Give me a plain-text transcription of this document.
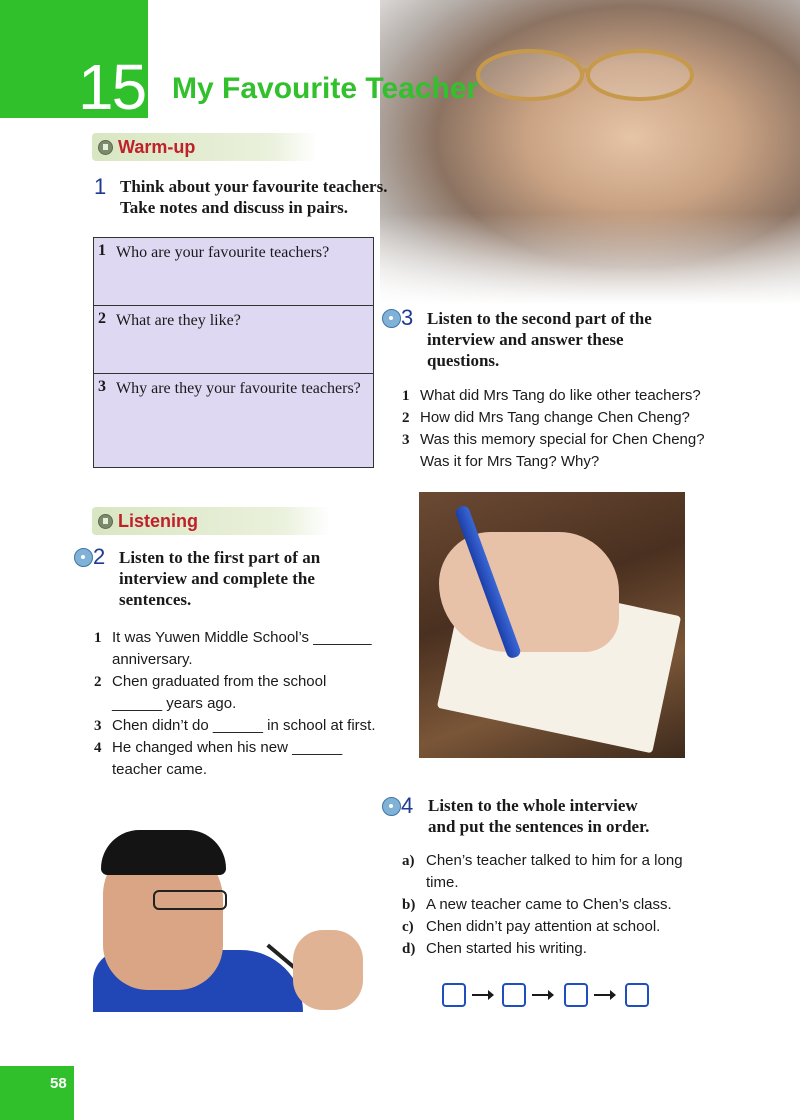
15 My Favourite Teacher
Warm-up
1 Think about your favourite teachers.
Take notes and discuss in pairs.
1 Who are your favourite teachers?
2 What are they like?
3 Why are they your favourite teachers?
3 Listen to the second part of the
interview and answer these
questions.
1 What did Mrs Tang do like other teachers?
2 How did Mrs Tang change Chen Cheng?
3 Was this memory special for Chen Cheng?
Was it for Mrs Tang? Why?
Listening
2 Listen to the first part of an
interview and complete the
sentences.
1 It was Yuwen Middle School’s _______
anniversary.
2 Chen graduated from the school
______ years ago.
3 Chen didn’t do ______ in school at first.
4 He changed when his new ______
teacher came.
4 Listen to the whole interview
and put the sentences in order.
a) Chen’s teacher talked to him for a long
time.
b) A new teacher came to Chen’s class.
c) Chen didn’t pay attention at school.
d) Chen started his writing.
58
